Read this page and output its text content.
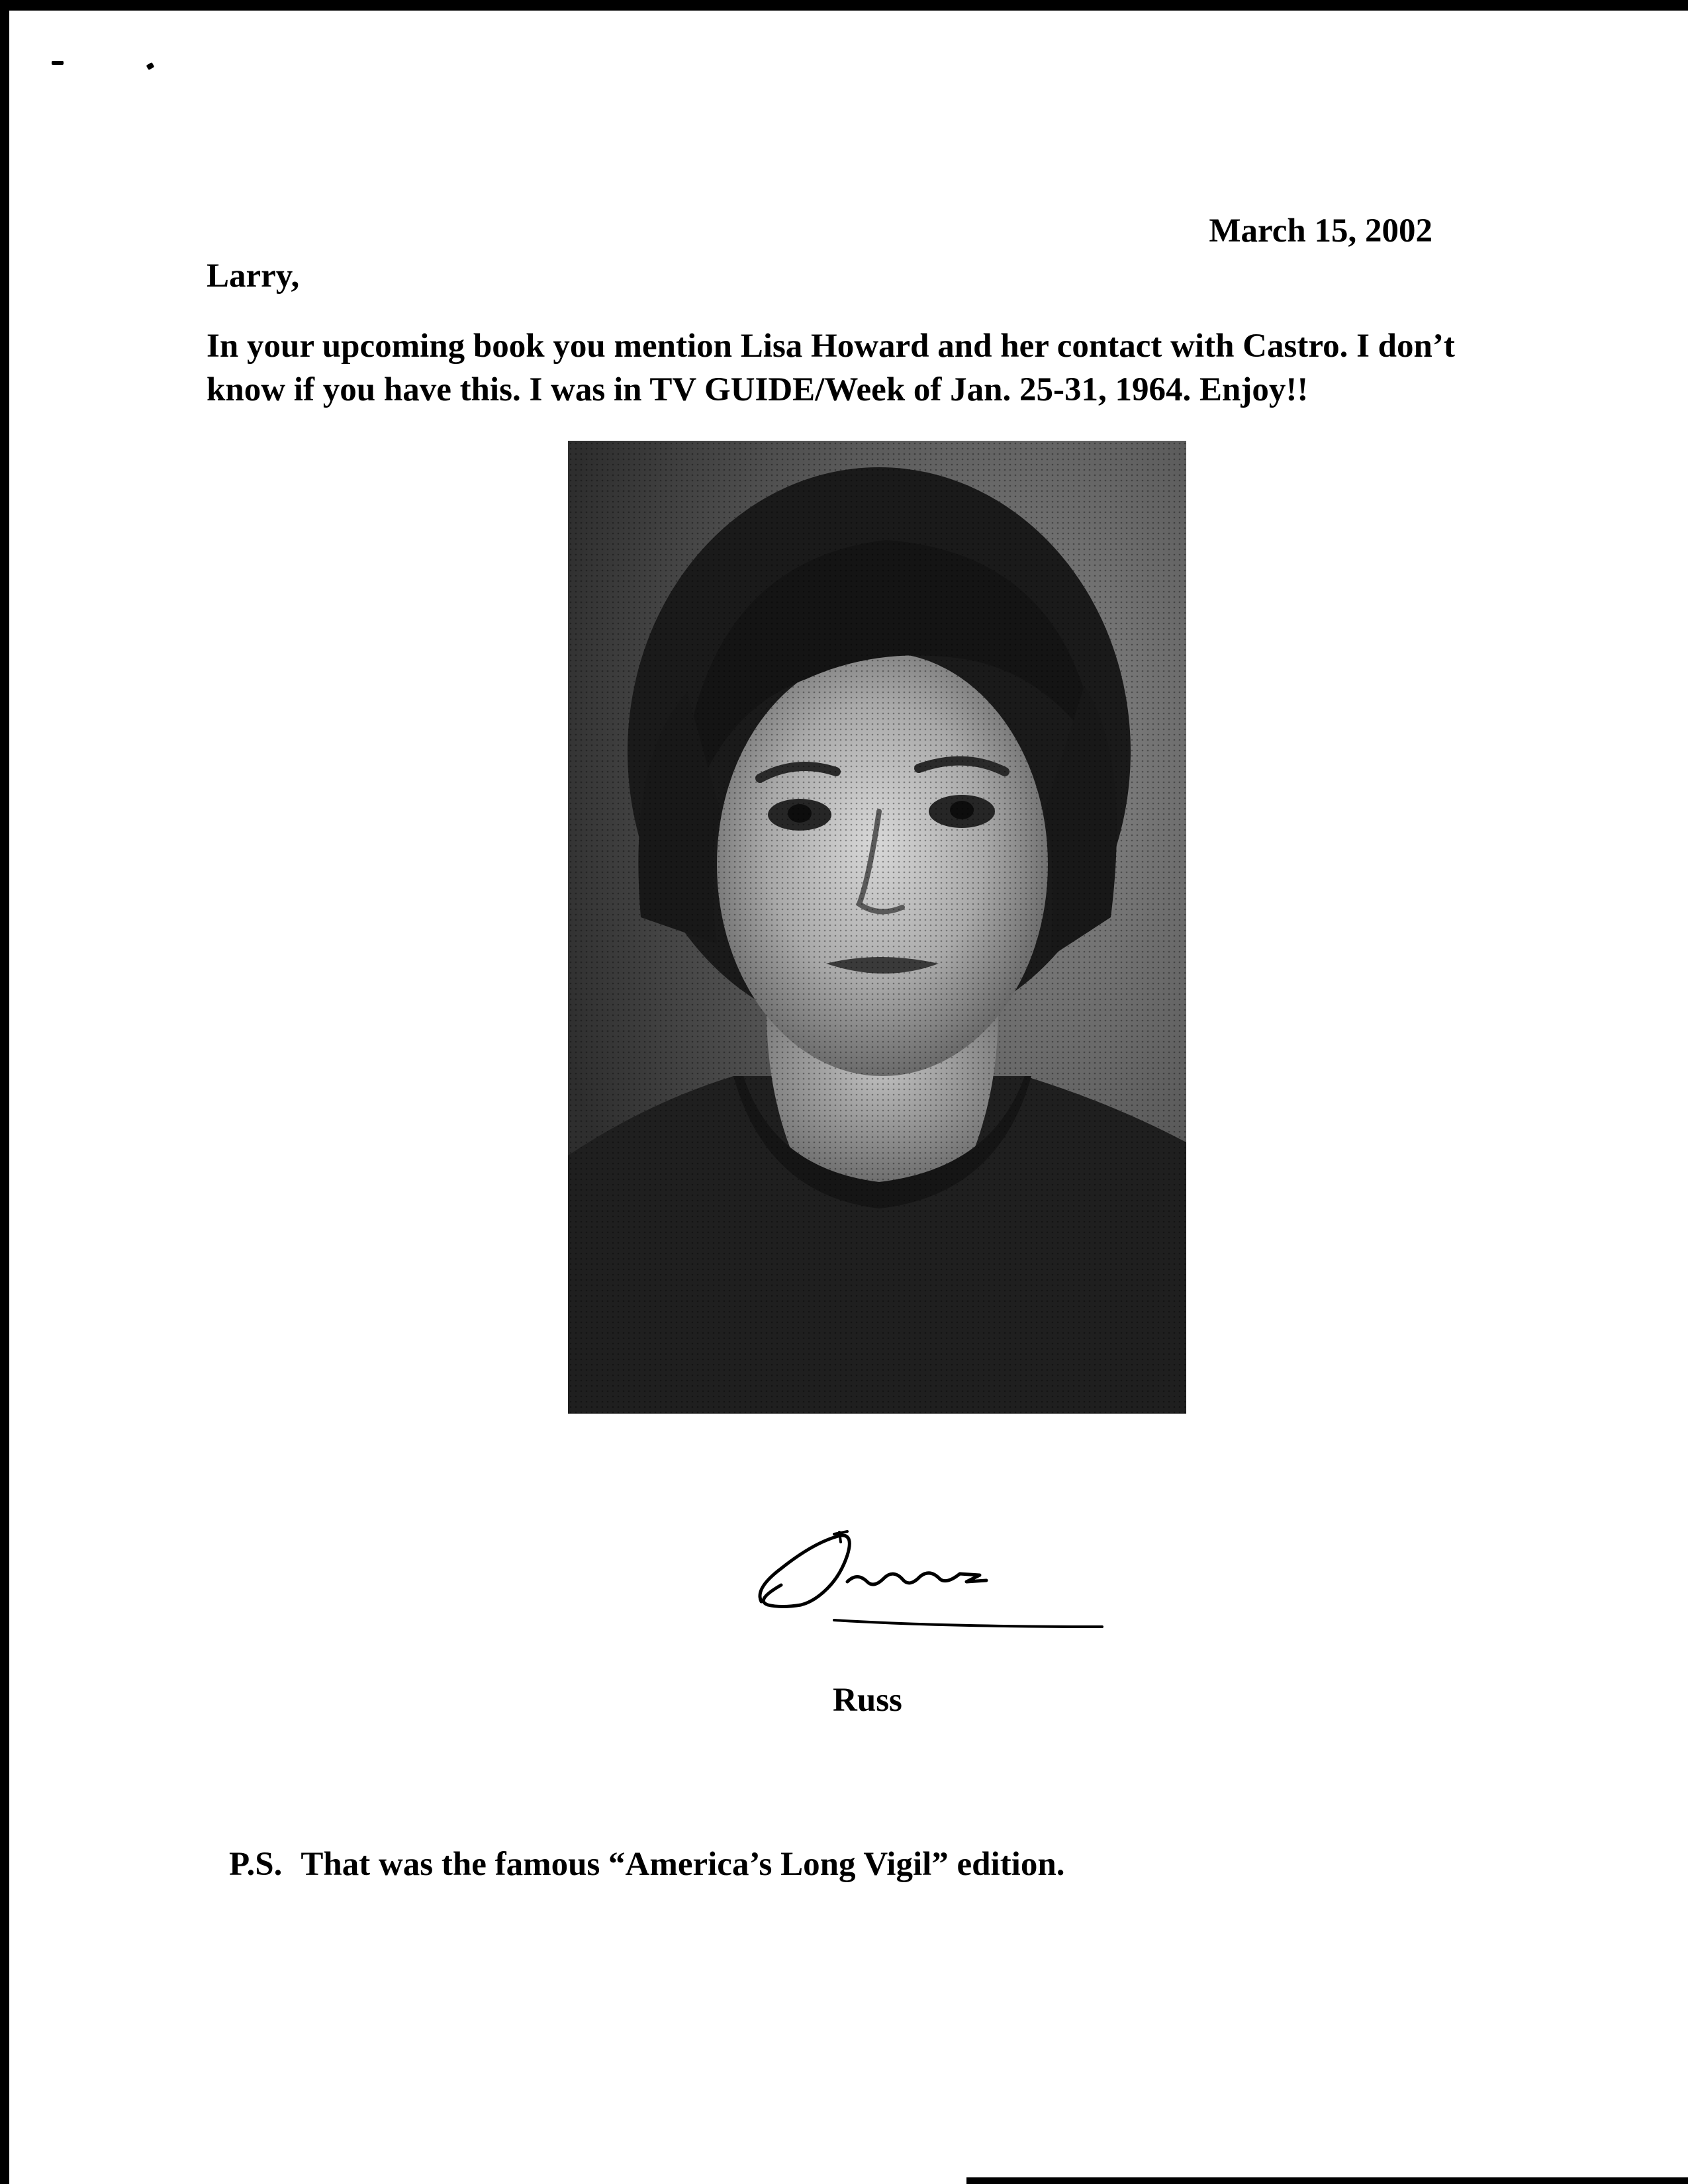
March 15, 2002
Larry,
In your upcoming book you mention Lisa Howard and her contact with Castro. I don’t
know if you have this. I was in TV GUIDE/Week of Jan. 25-31, 1964. Enjoy!!
Russ
P.S. That was the famous “America’s Long Vigil” edition.
